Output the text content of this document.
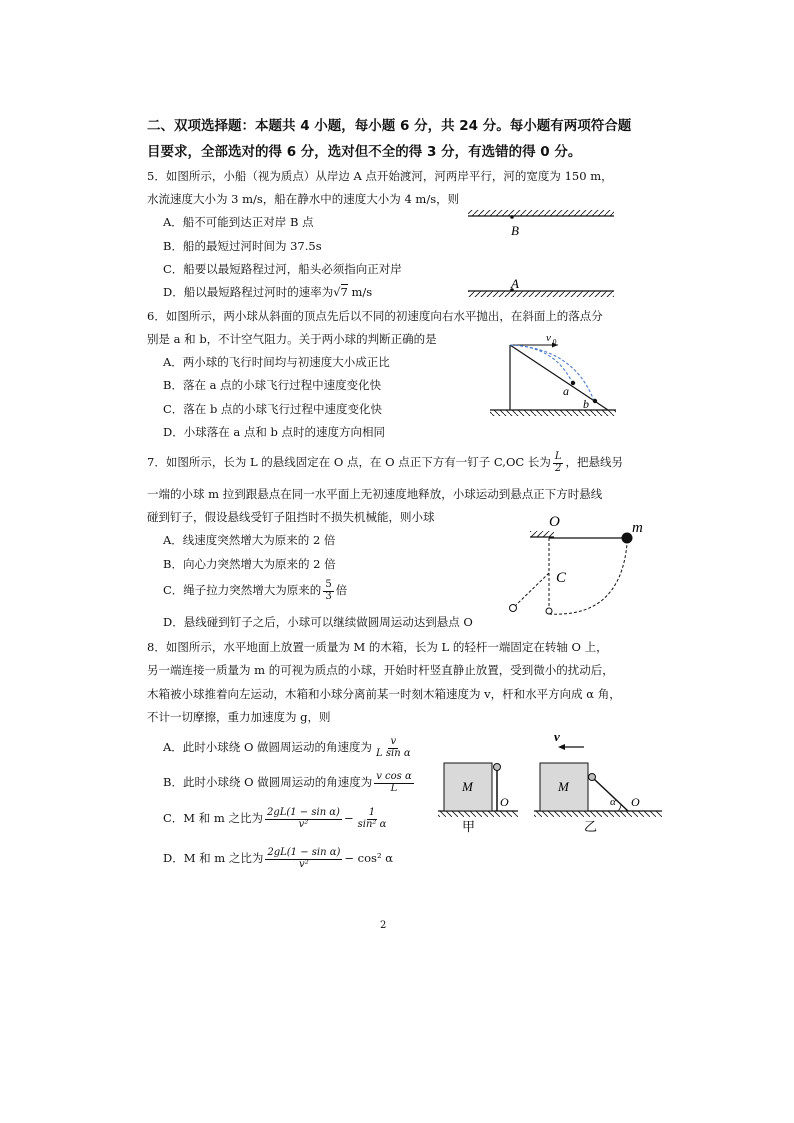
二、双项选择题：本题共 4 小题，每小题 6 分，共 24 分。每小题有两项符合题
目要求，全部选对的得 6 分，选对但不全的得 3 分，有选错的得 0 分。
5．如图所示，小船（视为质点）从岸边 A 点开始渡河，河两岸平行，河的宽度为 150 m，
水流速度大小为 3 m/s，船在静水中的速度大小为 4 m/s，则
A．船不可能到达正对岸 B 点
B．船的最短过河时间为 37.5s
C．船要以最短路程过河，船头必须指向正对岸
D．船以最短路程过河时的速率为√7 m/s
B
A
6．如图所示，两小球从斜面的顶点先后以不同的初速度向右水平抛出，在斜面上的落点分
别是 a 和 b，不计空气阻力。关于两小球的判断正确的是
A．两小球的飞行时间均与初速度大小成正比
B．落在 a 点的小球飞行过程中速度变化快
C．落在 b 点的小球飞行过程中速度变化快
D．小球落在 a 点和 b 点时的速度方向相同
v 0
a
b
7．如图所示，长为 L 的悬线固定在 O 点，在 O 点正下方有一钉子 C,OC 长为 $\frac{L}{2}$ ，把悬线另
一端的小球 m 拉到跟悬点在同一水平面上无初速度地释放，小球运动到悬点正下方时悬线
碰到钉子，假设悬线受钉子阻挡时不损失机械能，则小球
A．线速度突然增大为原来的 2 倍
B．向心力突然增大为原来的 2 倍
C．绳子拉力突然增大为原来的 $\frac{5}{3}$ 倍
D．悬线碰到钉子之后，小球可以继续做圆周运动达到悬点 O
O	m
C
8．如图所示，水平地面上放置一质量为 M 的木箱，长为 L 的轻杆一端固定在转轴 O 上，
另一端连接一质量为 m 的可视为质点的小球，开始时杆竖直静止放置，受到微小的扰动后，
木箱被小球推着向左运动，木箱和小球分离前某一时刻木箱速度为 v，杆和水平方向成 α 角，
不计一切摩擦，重力加速度为 g，则
A．此时小球绕 O 做圆周运动的角速度为 $\frac{v}{\text{L sin α}}$
B．此时小球绕 O 做圆周运动的角速度为 $\frac{\text{v cos α}}{L}$
C．M 和 m 之比为 $\frac{\text{2gL(1 − sin α)}}{\text{v²}} - \frac{1}{\text{sin² α}}$
D．M 和 m 之比为 $\frac{\text{2gL(1 − sin α)}}{\text{v²}} - \cos^2$ α
M
O
甲
v
M
α O
乙
2
